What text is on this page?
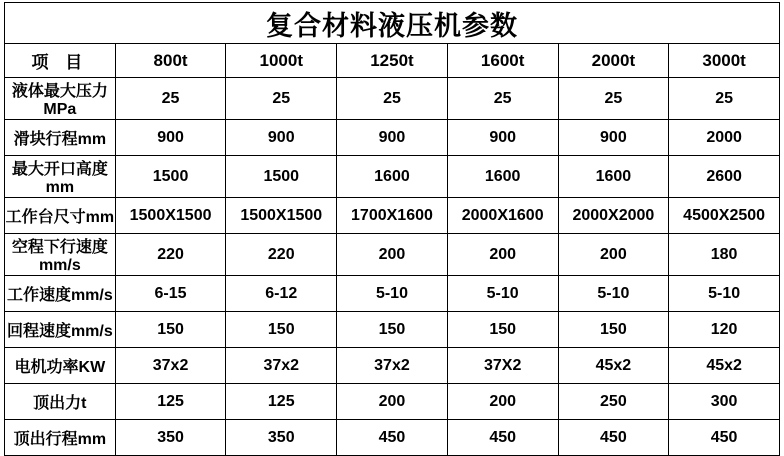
复合材料液压机参数						
项 目	800t	1000t	1250t	1600t	2000t	3000t
液体最大压力MPa	25	25	25	25	25	25
滑块行程mm	900	900	900	900	900	2000
最大开口高度mm	1500	1500	1600	1600	1600	2600
工作台尺寸mm	1500X1500	1500X1500	1700X1600	2000X1600	2000X2000	4500X2500
空程下行速度mm/s	220	220	200	200	200	180
工作速度mm/s	6-15	6-12	5-10	5-10	5-10	5-10
回程速度mm/s	150	150	150	150	150	120
电机功率KW	37x2	37x2	37x2	37X2	45x2	45x2
顶出力t	125	125	200	200	250	300
顶出行程mm	350	350	450	450	450	450
